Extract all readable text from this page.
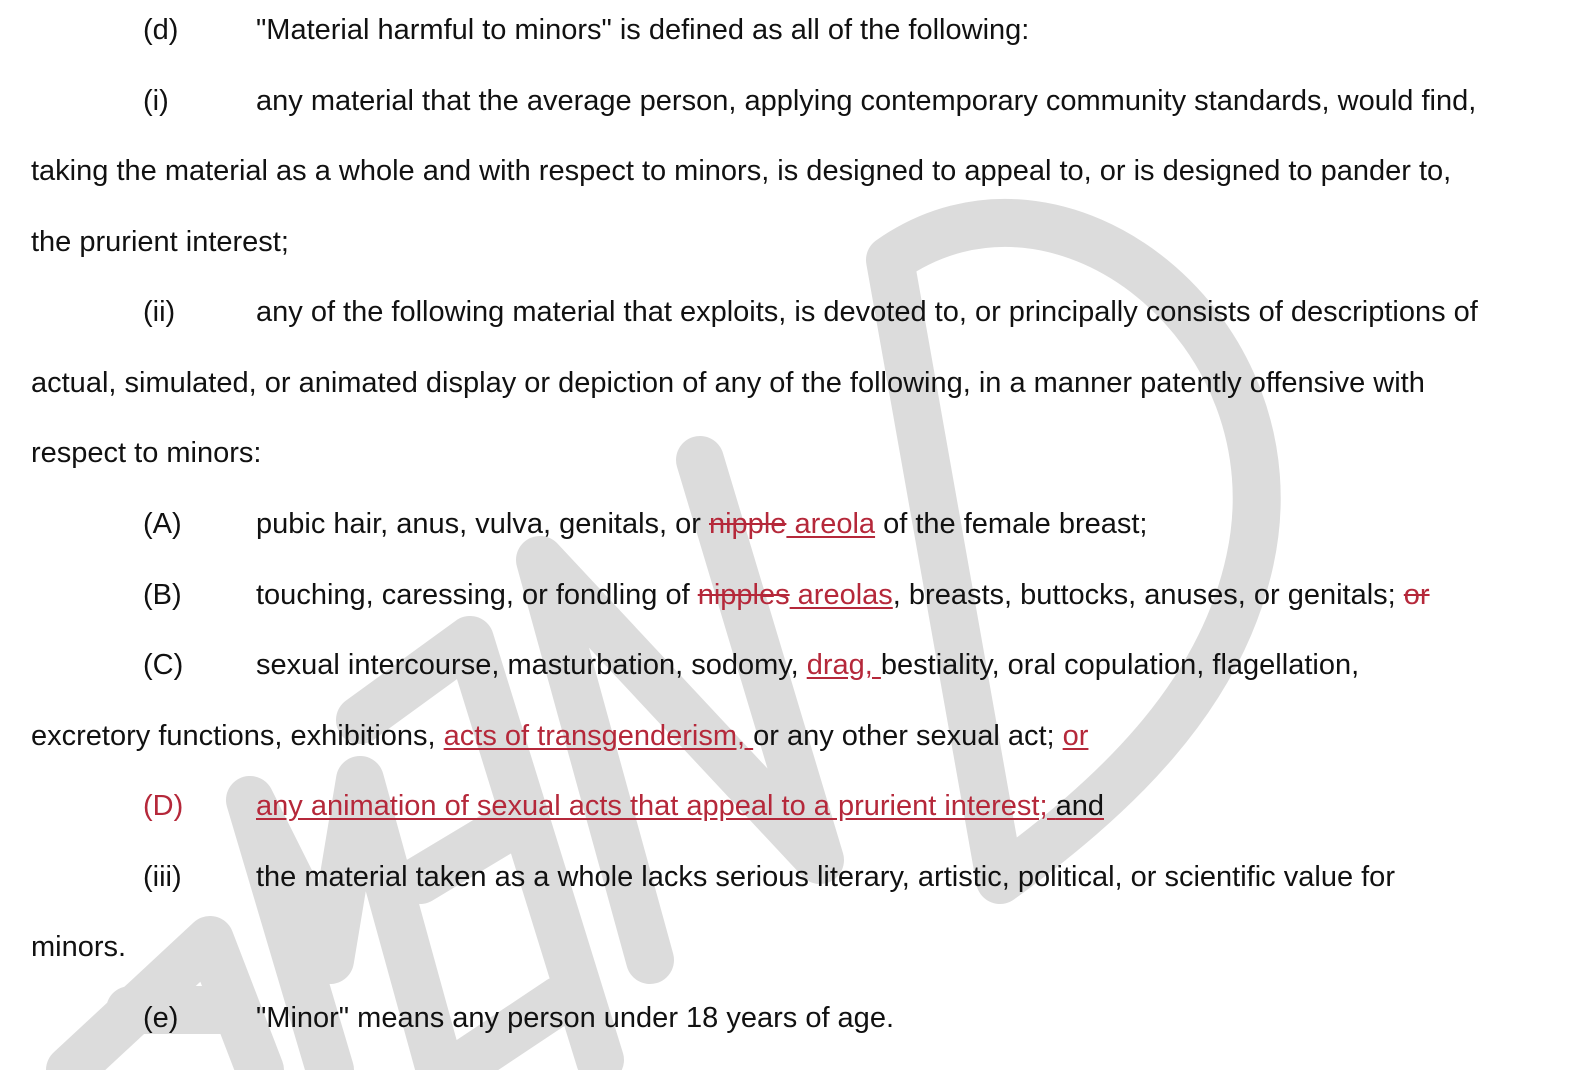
(d)	"Material harmful to minors" is defined as all of the following:
(i)	any material that the average person, applying contemporary community standards, would find,
taking the material as a whole and with respect to minors, is designed to appeal to, or is designed to pander to,
the prurient interest;
(ii)	any of the following material that exploits, is devoted to, or principally consists of descriptions of
actual, simulated, or animated display or depiction of any of the following, in a manner patently offensive with
respect to minors:
(A)	pubic hair, anus, vulva, genitals, or nipple areola of the female breast;
(B)	touching, caressing, or fondling of nipples areolas, breasts, buttocks, anuses, or genitals; or
(C)	sexual intercourse, masturbation, sodomy, drag, bestiality, oral copulation, flagellation,
excretory functions, exhibitions, acts of transgenderism, or any other sexual act; or
(D)	any animation of sexual acts that appeal to a prurient interest; and
(iii)	the material taken as a whole lacks serious literary, artistic, political, or scientific value for
minors.
(e)	"Minor" means any person under 18 years of age.
